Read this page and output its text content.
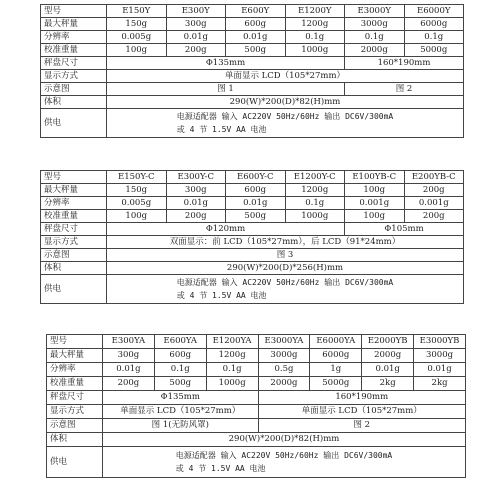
型号	E150Y	E300Y	E600Y	E1200Y	E3000Y	E6000Y
最大秤量	150g	300g	600g	1200g	3000g	6000g
分辨率	0.005g	0.01g	0.01g	0.1g	0.1g	0.1g
校准重量	100g	200g	500g	1000g	2000g	5000g
秤盘尺寸	Φ135mm				160*190mm	
显示方式	单面显示 LCD（105*27mm）					
示意图	图 1				图 2	
体积	290(W)*200(D)*82(H)mm					
供电	电源适配器 输入 AC220V 50Hz/60Hz 输出 DC6V/300mA
或 4 节 1.5V AA 电池					
型号	E150Y-C	E300Y-C	E600Y-C	E1200Y-C	E100YB-C	E200YB-C
最大秤量	150g	300g	600g	1200g	100g	200g
分辨率	0.005g	0.01g	0.01g	0.1g	0.001g	0.001g
校准重量	100g	200g	500g	1000g	100g	200g
秤盘尺寸	Φ120mm				Φ105mm	
显示方式	双面显示：前 LCD（105*27mm），后 LCD（91*24mm）					
示意图	图 3					
体积	290(W)*200(D)*256(H)mm					
供电	电源适配器 输入 AC220V 50Hz/60Hz 输出 DC6V/300mA
或 4 节 1.5V AA 电池					
型号	E300YA	E600YA	E1200YA	E3000YA	E6000YA	E2000YB	E3000YB
最大秤量	300g	600g	1200g	3000g	6000g	2000g	3000g
分辨率	0.01g	0.1g	0.1g	0.5g	1g	0.01g	0.01g
校准重量	200g	500g	1000g	2000g	5000g	2kg	2kg
秤盘尺寸	Φ135mm			160*190mm			
显示方式	单面显示 LCD（105*27mm）			单面显示 LCD（105*27mm）			
示意图	图 1(无防风罩)			图 2			
体积	290(W)*200(D)*82(H)mm						
供电	电源适配器 输入 AC220V 50Hz/60Hz 输出 DC6V/300mA
或 4 节 1.5V AA 电池						
